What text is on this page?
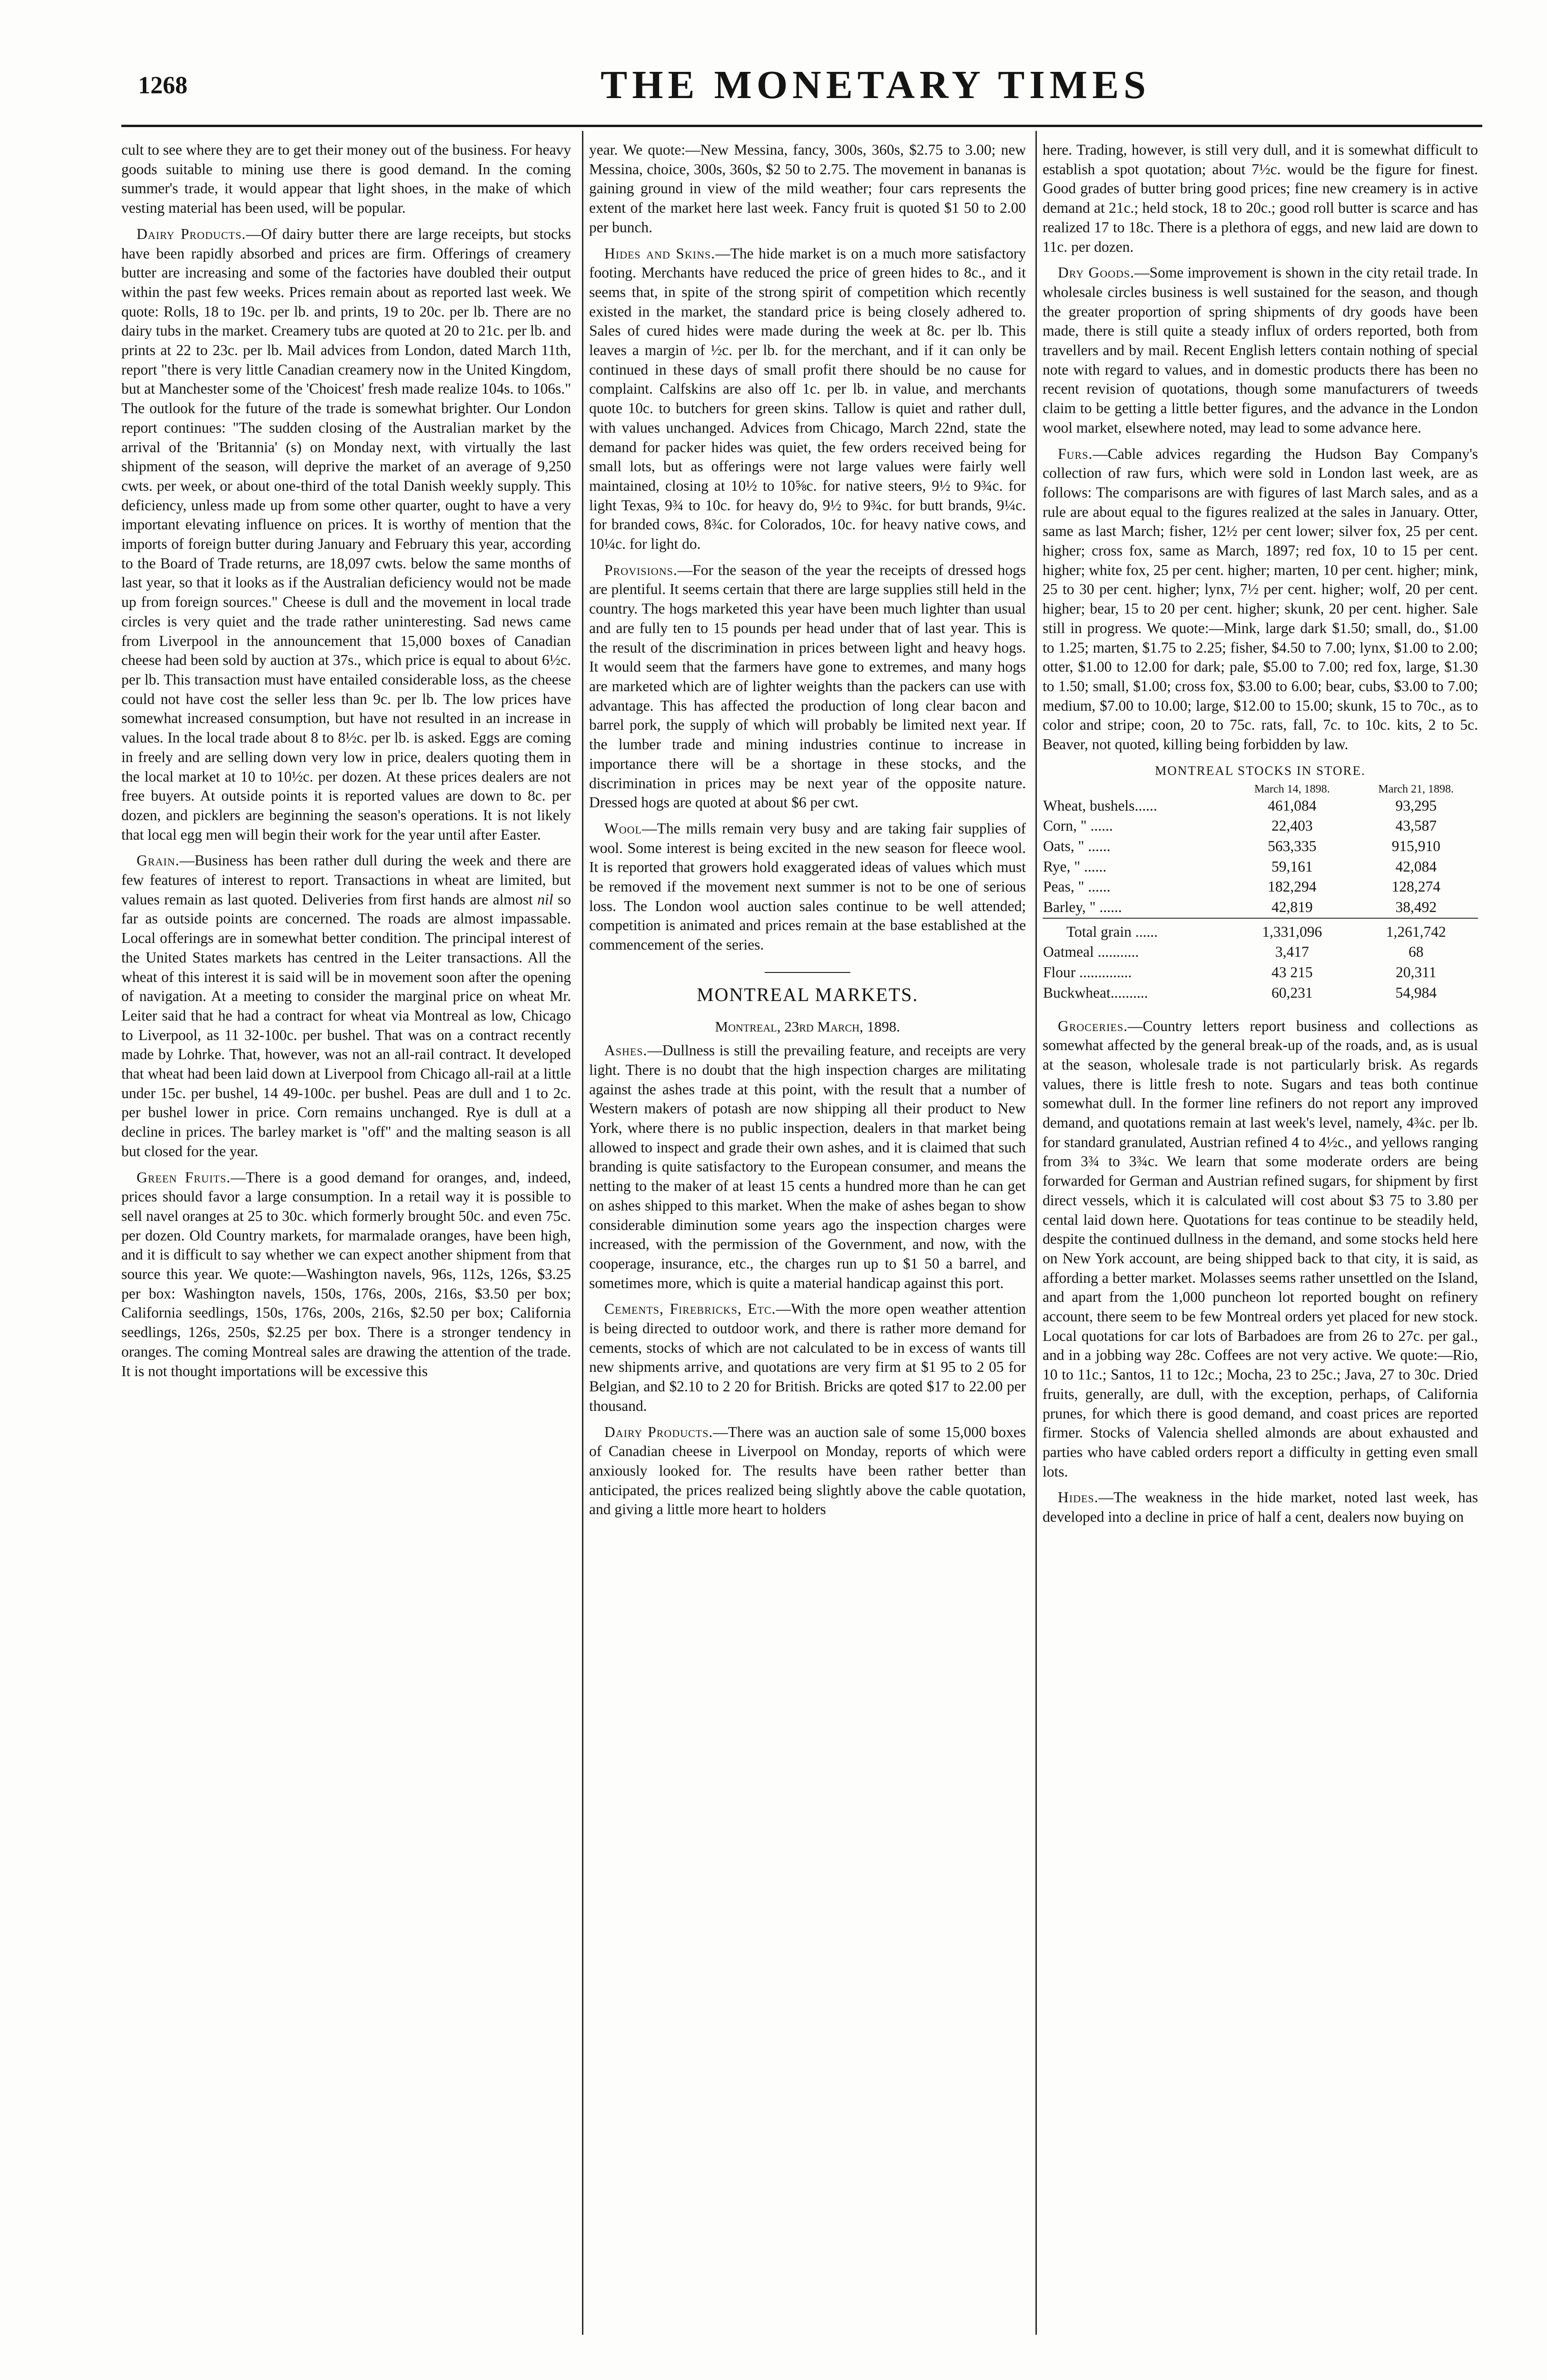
1268	THE MONETARY TIMES

cult to see where they are to get their money out of the business. For heavy goods suitable to mining use there is good demand. In the coming summer's trade, it would appear that light shoes, in the make of which vesting material has been used, will be popular.

Dairy Products.—Of dairy butter there are large receipts, but stocks have been rapidly absorbed and prices are firm. Offerings of creamery butter are increasing and some of the factories have doubled their output within the past few weeks. Prices remain about as reported last week. We quote: Rolls, 18 to 19c. per lb. and prints, 19 to 20c. per lb. There are no dairy tubs in the market. Creamery tubs are quoted at 20 to 21c. per lb. and prints at 22 to 23c. per lb. Mail advices from London, dated March 11th, report "there is very little Canadian creamery now in the United Kingdom, but at Manchester some of the 'Choicest' fresh made realize 104s. to 106s." The outlook for the future of the trade is somewhat brighter. Our London report continues: "The sudden closing of the Australian market by the arrival of the 'Britannia' (s) on Monday next, with virtually the last shipment of the season, will deprive the market of an average of 9,250 cwts. per week, or about one-third of the total Danish weekly supply. This deficiency, unless made up from some other quarter, ought to have a very important elevating influence on prices. It is worthy of mention that the imports of foreign butter during January and February this year, according to the Board of Trade returns, are 18,097 cwts. below the same months of last year, so that it looks as if the Australian deficiency would not be made up from foreign sources." Cheese is dull and the movement in local trade circles is very quiet and the trade rather uninteresting. Sad news came from Liverpool in the announcement that 15,000 boxes of Canadian cheese had been sold by auction at 37s., which price is equal to about 6½c. per lb. This transaction must have entailed considerable loss, as the cheese could not have cost the seller less than 9c. per lb. The low prices have somewhat increased consumption, but have not resulted in an increase in values. In the local trade about 8 to 8½c. per lb. is asked. Eggs are coming in freely and are selling down very low in price, dealers quoting them in the local market at 10 to 10½c. per dozen. At these prices dealers are not free buyers. At outside points it is reported values are down to 8c. per dozen, and picklers are beginning the season's operations. It is not likely that local egg men will begin their work for the year until after Easter.

Grain.—Business has been rather dull during the week and there are few features of interest to report. Transactions in wheat are limited, but values remain as last quoted. Deliveries from first hands are almost nil so far as outside points are concerned. The roads are almost impassable. Local offerings are in somewhat better condition. The principal interest of the United States markets has centred in the Leiter transactions. All the wheat of this interest it is said will be in movement soon after the opening of navigation. At a meeting to consider the marginal price on wheat Mr. Leiter said that he had a contract for wheat via Montreal as low, Chicago to Liverpool, as 11 32-100c. per bushel. That was on a contract recently made by Lohrke. That, however, was not an all-rail contract. It developed that wheat had been laid down at Liverpool from Chicago all-rail at a little under 15c. per bushel, 14 49-100c. per bushel. Peas are dull and 1 to 2c. per bushel lower in price. Corn remains unchanged. Rye is dull at a decline in prices. The barley market is "off" and the malting season is all but closed for the year.

Green Fruits.—There is a good demand for oranges, and, indeed, prices should favor a large consumption. In a retail way it is possible to sell navel oranges at 25 to 30c. which formerly brought 50c. and even 75c. per dozen. Old Country markets, for marmalade oranges, have been high, and it is difficult to say whether we can expect another shipment from that source this year. We quote:—Washington navels, 96s, 112s, 126s, $3.25 per box: Washington navels, 150s, 176s, 200s, 216s, $3.50 per box; California seedlings, 150s, 176s, 200s, 216s, $2.50 per box; California seedlings, 126s, 250s, $2.25 per box. There is a stronger tendency in oranges. The coming Montreal sales are drawing the attention of the trade. It is not thought importations will be excessive this

year. We quote:—New Messina, fancy, 300s, 360s, $2.75 to 3.00; new Messina, choice, 300s, 360s, $2 50 to 2.75. The movement in bananas is gaining ground in view of the mild weather; four cars represents the extent of the market here last week. Fancy fruit is quoted $1 50 to 2.00 per bunch.

Hides and Skins.—The hide market is on a much more satisfactory footing. Merchants have reduced the price of green hides to 8c., and it seems that, in spite of the strong spirit of competition which recently existed in the market, the standard price is being closely adhered to. Sales of cured hides were made during the week at 8c. per lb. This leaves a margin of ½c. per lb. for the merchant, and if it can only be continued in these days of small profit there should be no cause for complaint. Calfskins are also off 1c. per lb. in value, and merchants quote 10c. to butchers for green skins. Tallow is quiet and rather dull, with values unchanged. Advices from Chicago, March 22nd, state the demand for packer hides was quiet, the few orders received being for small lots, but as offerings were not large values were fairly well maintained, closing at 10½ to 10⅝c. for native steers, 9½ to 9¾c. for light Texas, 9¾ to 10c. for heavy do, 9½ to 9¾c. for butt brands, 9¼c. for branded cows, 8¾c. for Colorados, 10c. for heavy native cows, and 10¼c. for light do.

Provisions.—For the season of the year the receipts of dressed hogs are plentiful. It seems certain that there are large supplies still held in the country. The hogs marketed this year have been much lighter than usual and are fully ten to 15 pounds per head under that of last year. This is the result of the discrimination in prices between light and heavy hogs. It would seem that the farmers have gone to extremes, and many hogs are marketed which are of lighter weights than the packers can use with advantage. This has affected the production of long clear bacon and barrel pork, the supply of which will probably be limited next year. If the lumber trade and mining industries continue to increase in importance there will be a shortage in these stocks, and the discrimination in prices may be next year of the opposite nature. Dressed hogs are quoted at about $6 per cwt.

Wool—The mills remain very busy and are taking fair supplies of wool. Some interest is being excited in the new season for fleece wool. It is reported that growers hold exaggerated ideas of values which must be removed if the movement next summer is not to be one of serious loss. The London wool auction sales continue to be well attended; competition is animated and prices remain at the base established at the commencement of the series.

MONTREAL MARKETS.
Montreal, 23rd March, 1898.

Ashes.—Dullness is still the prevailing feature, and receipts are very light. There is no doubt that the high inspection charges are militating against the ashes trade at this point, with the result that a number of Western makers of potash are now shipping all their product to New York, where there is no public inspection, dealers in that market being allowed to inspect and grade their own ashes, and it is claimed that such branding is quite satisfactory to the European consumer, and means the netting to the maker of at least 15 cents a hundred more than he can get on ashes shipped to this market. When the make of ashes began to show considerable diminution some years ago the inspection charges were increased, with the permission of the Government, and now, with the cooperage, insurance, etc., the charges run up to $1 50 a barrel, and sometimes more, which is quite a material handicap against this port.

Cements, Firebricks, Etc.—With the more open weather attention is being directed to outdoor work, and there is rather more demand for cements, stocks of which are not calculated to be in excess of wants till new shipments arrive, and quotations are very firm at $1 95 to 2 05 for Belgian, and $2.10 to 2 20 for British. Bricks are qoted $17 to 22.00 per thousand.

Dairy Products.—There was an auction sale of some 15,000 boxes of Canadian cheese in Liverpool on Monday, reports of which were anxiously looked for. The results have been rather better than anticipated, the prices realized being slightly above the cable quotation, and giving a little more heart to holders

here. Trading, however, is still very dull, and it is somewhat difficult to establish a spot quotation; about 7½c. would be the figure for finest. Good grades of butter bring good prices; fine new creamery is in active demand at 21c.; held stock, 18 to 20c.; good roll butter is scarce and has realized 17 to 18c. There is a plethora of eggs, and new laid are down to 11c. per dozen.

Dry Goods.—Some improvement is shown in the city retail trade. In wholesale circles business is well sustained for the season, and though the greater proportion of spring shipments of dry goods have been made, there is still quite a steady influx of orders reported, both from travellers and by mail. Recent English letters contain nothing of special note with regard to values, and in domestic products there has been no recent revision of quotations, though some manufacturers of tweeds claim to be getting a little better figures, and the advance in the London wool market, elsewhere noted, may lead to some advance here.

Furs.—Cable advices regarding the Hudson Bay Company's collection of raw furs, which were sold in London last week, are as follows: The comparisons are with figures of last March sales, and as a rule are about equal to the figures realized at the sales in January. Otter, same as last March; fisher, 12½ per cent lower; silver fox, 25 per cent. higher; cross fox, same as March, 1897; red fox, 10 to 15 per cent. higher; white fox, 25 per cent. higher; marten, 10 per cent. higher; mink, 25 to 30 per cent. higher; lynx, 7½ per cent. higher; wolf, 20 per cent. higher; bear, 15 to 20 per cent. higher; skunk, 20 per cent. higher. Sale still in progress. We quote:—Mink, large dark $1.50; small, do., $1.00 to 1.25; marten, $1.75 to 2.25; fisher, $4.50 to 7.00; lynx, $1.00 to 2.00; otter, $1.00 to 12.00 for dark; pale, $5.00 to 7.00; red fox, large, $1.30 to 1.50; small, $1.00; cross fox, $3.00 to 6.00; bear, cubs, $3.00 to 7.00; medium, $7.00 to 10.00; large, $12.00 to 15.00; skunk, 15 to 70c., as to color and stripe; coon, 20 to 75c. rats, fall, 7c. to 10c. kits, 2 to 5c. Beaver, not quoted, killing being forbidden by law.

MONTREAL STOCKS IN STORE.
	March 14, 1898.	March 21, 1898.
Wheat, bushels......	461,084	93,295
Corn, " ......	22,403	43,587
Oats, " ......	563,335	915,910
Rye, " ......	59,161	42,084
Peas, " ......	182,294	128,274
Barley, " ......	42,819	38,492
Total grain ......	1,331,096	1,261,742
Oatmeal ...........	3,417	68
Flour ..............	43 215	20,311
Buckwheat..........	60,231	54,984

Groceries.—Country letters report business and collections as somewhat affected by the general break-up of the roads, and, as is usual at the season, wholesale trade is not particularly brisk. As regards values, there is little fresh to note. Sugars and teas both continue somewhat dull. In the former line refiners do not report any improved demand, and quotations remain at last week's level, namely, 4¾c. per lb. for standard granulated, Austrian refined 4 to 4½c., and yellows ranging from 3¾ to 3¾c. We learn that some moderate orders are being forwarded for German and Austrian refined sugars, for shipment by first direct vessels, which it is calculated will cost about $3 75 to 3.80 per cental laid down here. Quotations for teas continue to be steadily held, despite the continued dullness in the demand, and some stocks held here on New York account, are being shipped back to that city, it is said, as affording a better market. Molasses seems rather unsettled on the Island, and apart from the 1,000 puncheon lot reported bought on refinery account, there seem to be few Montreal orders yet placed for new stock. Local quotations for car lots of Barbadoes are from 26 to 27c. per gal., and in a jobbing way 28c. Coffees are not very active. We quote:—Rio, 10 to 11c.; Santos, 11 to 12c.; Mocha, 23 to 25c.; Java, 27 to 30c. Dried fruits, generally, are dull, with the exception, perhaps, of California prunes, for which there is good demand, and coast prices are reported firmer. Stocks of Valencia shelled almonds are about exhausted and parties who have cabled orders report a difficulty in getting even small lots.

Hides.—The weakness in the hide market, noted last week, has developed into a decline in price of half a cent, dealers now buying on
